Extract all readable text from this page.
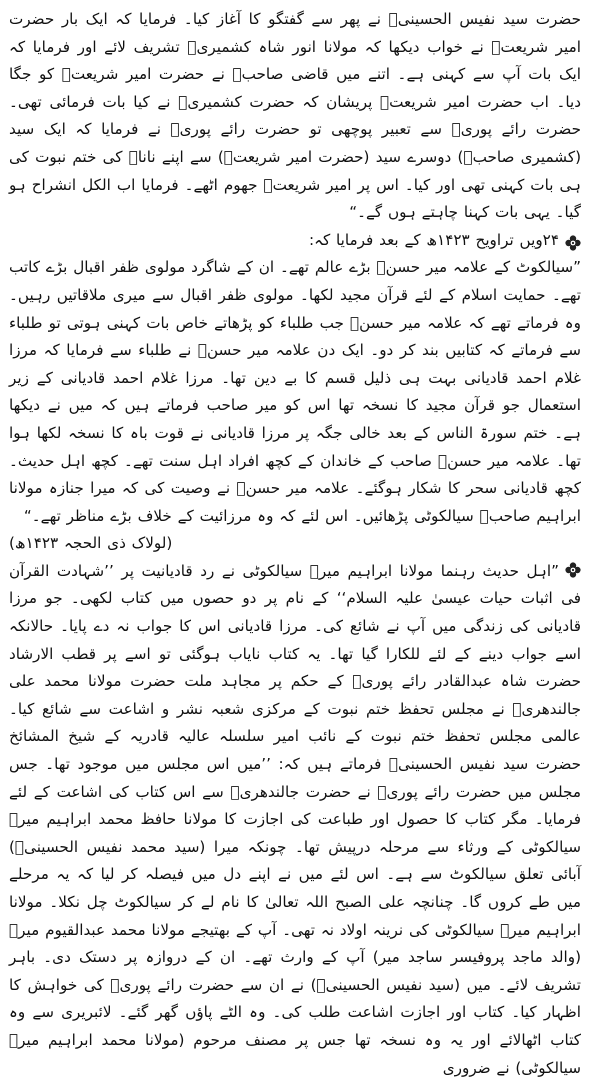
حضرت سید نفیس الحسینیؒ نے پھر سے گفتگو کا آغاز کیا۔ فرمایا کہ ایک بار حضرت امیر شریعتؒ نے خواب دیکھا کہ مولانا انور شاہ کشمیریؒ تشریف لائے اور فرمایا کہ ایک بات آپ سے کہنی ہے۔ اتنے میں قاضی صاحبؒ نے حضرت امیر شریعتؒ کو جگا دیا۔ اب حضرت امیر شریعتؒ پریشان کہ حضرت کشمیریؒ نے کیا بات فرمائی تھی۔ حضرت رائے پوریؒ سے تعبیر پوچھی تو حضرت رائے پوریؒ نے فرمایا کہ ایک سید (کشمیری صاحبؒ) دوسرے سید (حضرت امیر شریعتؒ) سے اپنے ناناﷺ کی ختم نبوت کی ہی بات کہنی تھی اور کیا۔ اس پر امیر شریعتؒ جھوم اٹھے۔ فرمایا اب الکل انشراح ہو گیا۔ یہی بات کہنا چاہتے ہوں گے۔“

۲۴ویں تراویح ۱۴۲۳ھ کے بعد فرمایا کہ:

”سیالکوٹ کے علامہ میر حسنؒ بڑے عالم تھے۔ ان کے شاگرد مولوی ظفر اقبال بڑے کاتب تھے۔ حمایت اسلام کے لئے قرآن مجید لکھا۔ مولوی ظفر اقبال سے میری ملاقاتیں رہیں۔ وہ فرماتے تھے کہ علامہ میر حسنؒ جب طلباء کو پڑھاتے خاص بات کہنی ہوتی تو طلباء سے فرماتے کہ کتابیں بند کر دو۔ ایک دن علامہ میر حسنؒ نے طلباء سے فرمایا کہ مرزا غلام احمد قادیانی بہت ہی ذلیل قسم کا بے دین تھا۔ مرزا غلام احمد قادیانی کے زیر استعمال جو قرآن مجید کا نسخہ تھا اس کو میر صاحب فرماتے ہیں کہ میں نے دیکھا ہے۔ ختم سورۃ الناس کے بعد خالی جگہ پر مرزا قادیانی نے قوت باہ کا نسخہ لکھا ہوا تھا۔ علامہ میر حسنؒ صاحب کے خاندان کے کچھ افراد اہل سنت تھے۔ کچھ اہل حدیث۔ کچھ قادیانی سحر کا شکار ہوگئے۔ علامہ میر حسنؒ نے وصیت کی کہ میرا جنازہ مولانا ابراہیم صاحبؒ سیالکوٹی پڑھائیں۔ اس لئے کہ وہ مرزائیت کے خلاف بڑے مناظر تھے۔“

(لولاک ذی الحجہ ۱۴۲۳ھ)

”اہل حدیث رہنما مولانا ابراہیم میرؒ سیالکوٹی نے رد قادیانیت پر ’’شہادت القرآن فی اثبات حیات عیسیٰ علیہ السلام‘‘ کے نام پر دو حصوں میں کتاب لکھی۔ جو مرزا قادیانی کی زندگی میں آپ نے شائع کی۔ مرزا قادیانی اس کا جواب نہ دے پایا۔ حالانکہ اسے جواب دینے کے لئے للکارا گیا تھا۔ یہ کتاب نایاب ہوگئی تو اسے پر قطب الارشاد حضرت شاہ عبدالقادر رائے پوریؒ کے حکم پر مجاہد ملت حضرت مولانا محمد علی جالندھریؒ نے مجلس تحفظ ختم نبوت کے مرکزی شعبہ نشر و اشاعت سے شائع کیا۔ عالمی مجلس تحفظ ختم نبوت کے نائب امیر سلسلہ عالیہ قادریہ کے شیخ المشائخ حضرت سید نفیس الحسینیؒ فرماتے ہیں کہ: ’’میں اس مجلس میں موجود تھا۔ جس مجلس میں حضرت رائے پوریؒ نے حضرت جالندھریؒ سے اس کتاب کی اشاعت کے لئے فرمایا۔ مگر کتاب کا حصول اور طباعت کی اجازت کا مولانا حافظ محمد ابراہیم میرؒ سیالکوٹی کے ورثاء سے مرحلہ درپیش تھا۔ چونکہ میرا (سید محمد نفیس الحسینیؒ) آبائی تعلق سیالکوٹ سے ہے۔ اس لئے میں نے اپنے دل میں فیصلہ کر لیا کہ یہ مرحلے میں طے کروں گا۔ چنانچہ علی الصبح اللہ تعالیٰ کا نام لے کر سیالکوٹ چل نکلا۔ مولانا ابراہیم میرؒ سیالکوٹی کی نرینہ اولاد نہ تھی۔ آپ کے بھتیجے مولانا محمد عبدالقیوم میرؒ (والد ماجد پروفیسر ساجد میر) آپ کے وارث تھے۔ ان کے دروازہ پر دستک دی۔ باہر تشریف لائے۔ میں (سید نفیس الحسینیؒ) نے ان سے حضرت رائے پوریؒ کی خواہش کا اظہار کیا۔ کتاب اور اجازت اشاعت طلب کی۔ وہ الٹے پاؤں گھر گئے۔ لائبریری سے وہ کتاب اٹھالائے اور یہ وہ نسخہ تھا جس پر مصنف مرحوم (مولانا محمد ابراہیم میرؒ سیالکوٹی) نے ضروری
